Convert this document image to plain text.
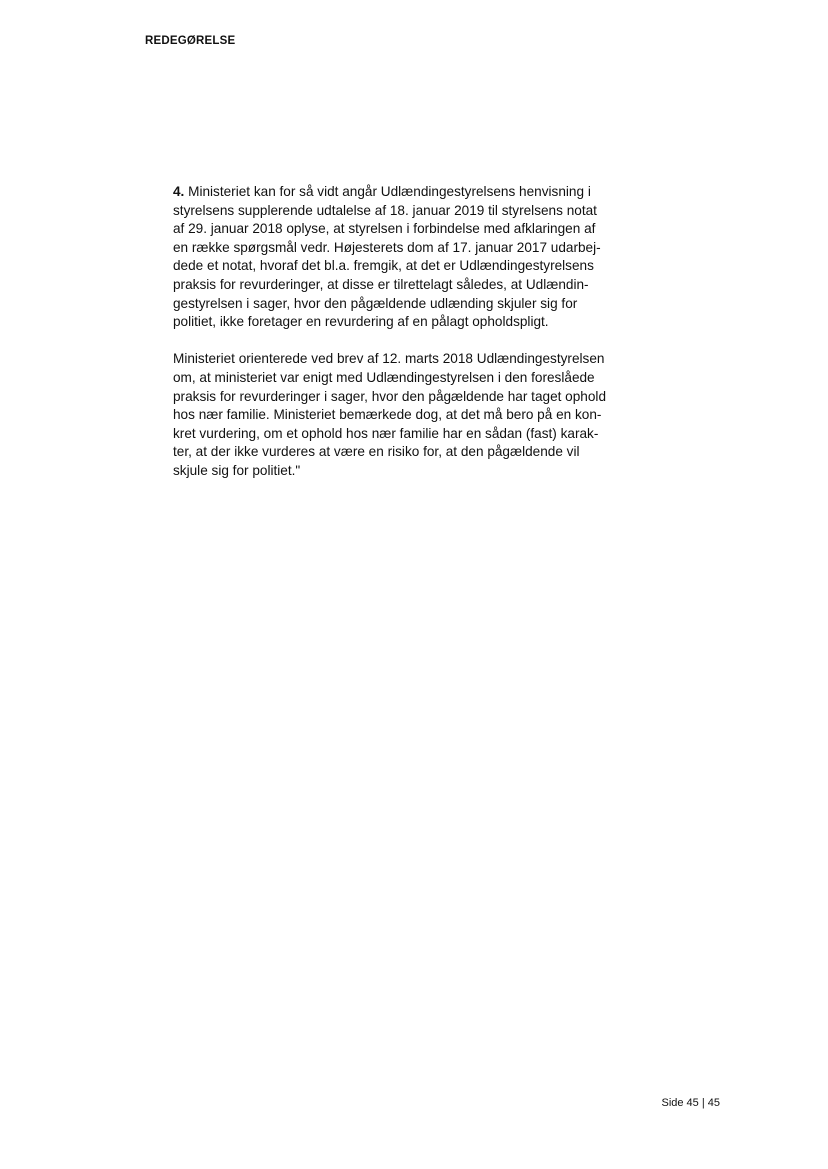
REDEGØRELSE

4. Ministeriet kan for så vidt angår Udlændingestyrelsens henvisning i
styrelsens supplerende udtalelse af 18. januar 2019 til styrelsens notat
af 29. januar 2018 oplyse, at styrelsen i forbindelse med afklaringen af
en række spørgsmål vedr. Højesterets dom af 17. januar 2017 udarbej-
dede et notat, hvoraf det bl.a. fremgik, at det er Udlændingestyrelsens
praksis for revurderinger, at disse er tilrettelagt således, at Udlændin-
gestyrelsen i sager, hvor den pågældende udlænding skjuler sig for
politiet, ikke foretager en revurdering af en pålagt opholdspligt.

Ministeriet orienterede ved brev af 12. marts 2018 Udlændingestyrelsen
om, at ministeriet var enigt med Udlændingestyrelsen i den foreslåede
praksis for revurderinger i sager, hvor den pågældende har taget ophold
hos nær familie. Ministeriet bemærkede dog, at det må bero på en kon-
kret vurdering, om et ophold hos nær familie har en sådan (fast) karak-
ter, at der ikke vurderes at være en risiko for, at den pågældende vil
skjule sig for politiet."

Side 45 | 45
